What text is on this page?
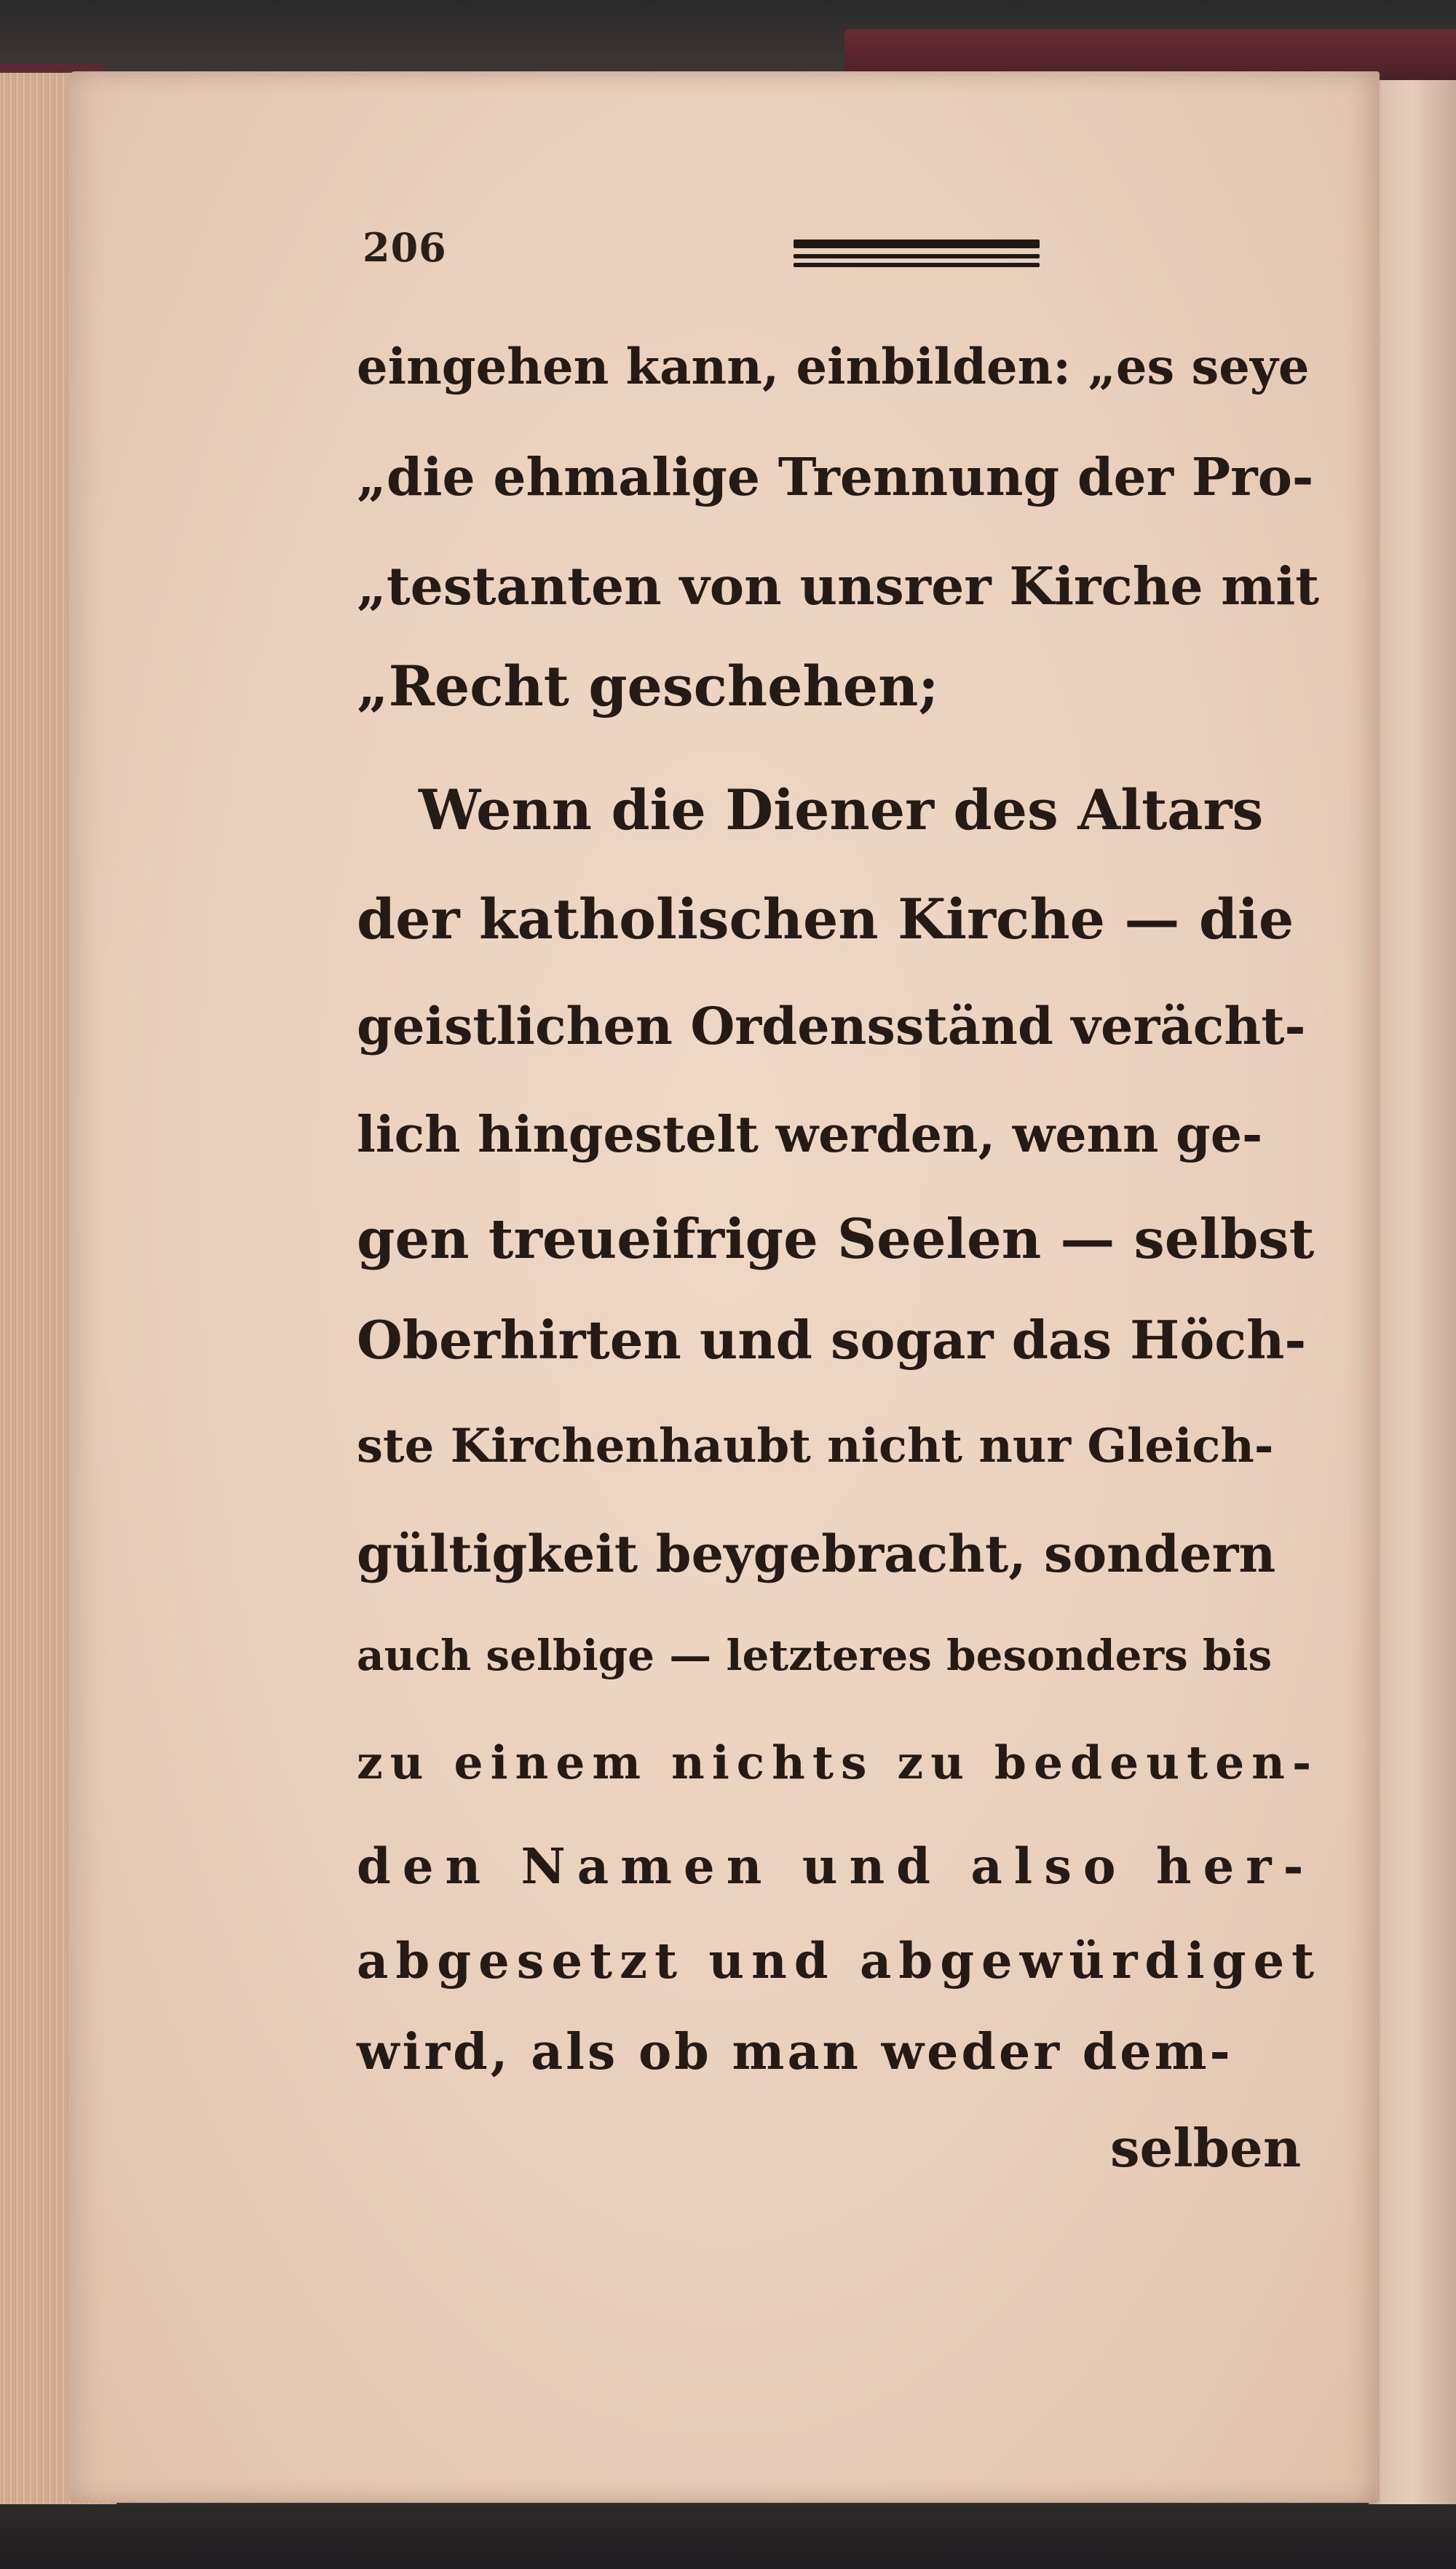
206
eingehen kann, einbilden: „es seye
„die ehmalige Trennung der Pro-
„testanten von unsrer Kirche mit
„Recht geschehen;
Wenn die Diener des Altars
der katholischen Kirche — die
geistlichen Ordensständ verächt-
lich hingestelt werden, wenn ge-
gen treueifrige Seelen — selbst
Oberhirten und sogar das Höch-
ste Kirchenhaubt nicht nur Gleich-
gültigkeit beygebracht, sondern
auch selbige — letzteres besonders bis
zu einem nichts zu bedeuten-
den Namen und also her-
abgesetzt und abgewürdiget
wird, als ob man weder dem-
selben
